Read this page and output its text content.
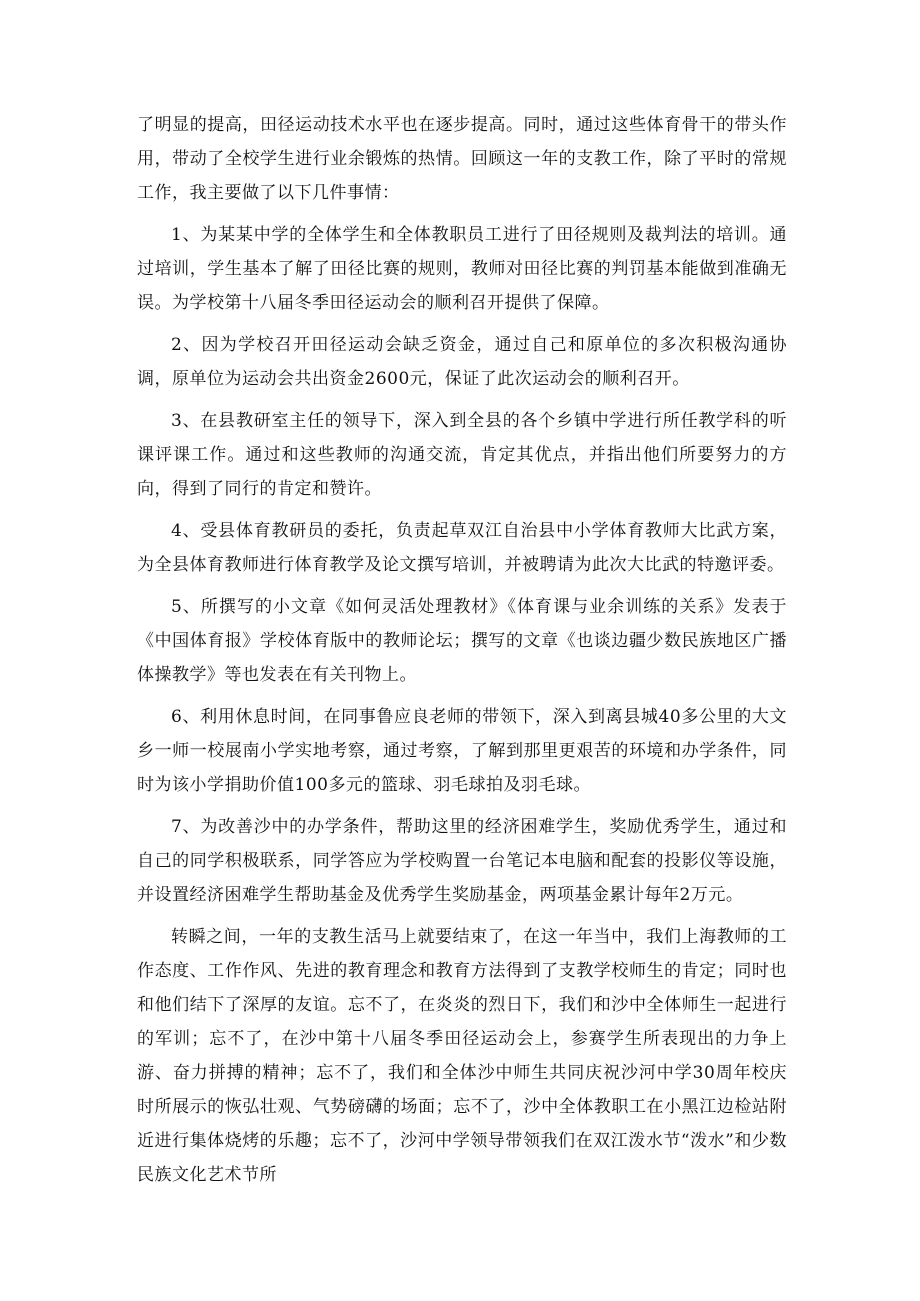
了明显的提高，田径运动技术水平也在逐步提高。同时，通过这些体育骨干的带头作用，带动了全校学生进行业余锻炼的热情。回顾这一年的支教工作，除了平时的常规工作，我主要做了以下几件事情：

1、为某某中学的全体学生和全体教职员工进行了田径规则及裁判法的培训。通过培训，学生基本了解了田径比赛的规则，教师对田径比赛的判罚基本能做到准确无误。为学校第十八届冬季田径运动会的顺利召开提供了保障。

2、因为学校召开田径运动会缺乏资金，通过自己和原单位的多次积极沟通协调，原单位为运动会共出资金2600元，保证了此次运动会的顺利召开。

3、在县教研室主任的领导下，深入到全县的各个乡镇中学进行所任教学科的听课评课工作。通过和这些教师的沟通交流，肯定其优点，并指出他们所要努力的方向，得到了同行的肯定和赞许。

4、受县体育教研员的委托，负责起草双江自治县中小学体育教师大比武方案，为全县体育教师进行体育教学及论文撰写培训，并被聘请为此次大比武的特邀评委。

5、所撰写的小文章《如何灵活处理教材》《体育课与业余训练的关系》发表于《中国体育报》学校体育版中的教师论坛；撰写的文章《也谈边疆少数民族地区广播体操教学》等也发表在有关刊物上。

6、利用休息时间，在同事鲁应良老师的带领下，深入到离县城40多公里的大文乡一师一校展南小学实地考察，通过考察，了解到那里更艰苦的环境和办学条件，同时为该小学捐助价值100多元的篮球、羽毛球拍及羽毛球。

7、为改善沙中的办学条件，帮助这里的经济困难学生，奖励优秀学生，通过和自己的同学积极联系，同学答应为学校购置一台笔记本电脑和配套的投影仪等设施，并设置经济困难学生帮助基金及优秀学生奖励基金，两项基金累计每年2万元。

转瞬之间，一年的支教生活马上就要结束了，在这一年当中，我们上海教师的工作态度、工作作风、先进的教育理念和教育方法得到了支教学校师生的肯定；同时也和他们结下了深厚的友谊。忘不了，在炎炎的烈日下，我们和沙中全体师生一起进行的军训；忘不了，在沙中第十八届冬季田径运动会上，参赛学生所表现出的力争上游、奋力拼搏的精神；忘不了，我们和全体沙中师生共同庆祝沙河中学30周年校庆时所展示的恢弘壮观、气势磅礴的场面；忘不了，沙中全体教职工在小黑江边检站附近进行集体烧烤的乐趣；忘不了，沙河中学领导带领我们在双江泼水节“泼水”和少数民族文化艺术节所
